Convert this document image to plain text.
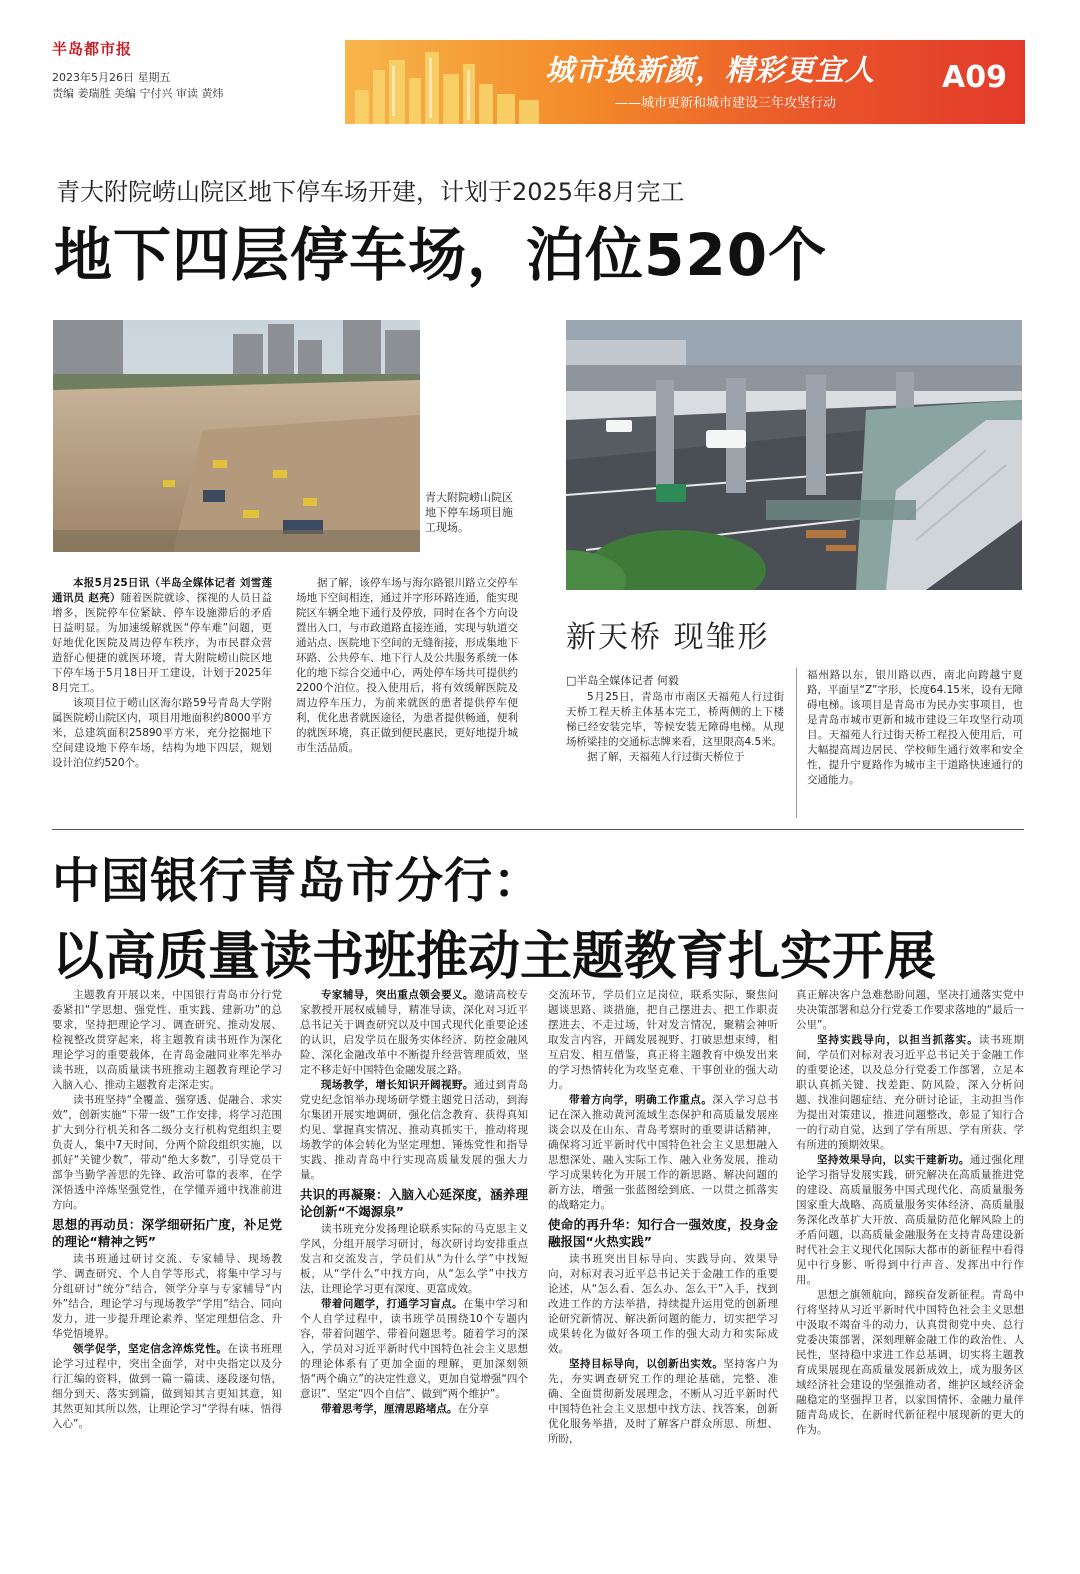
半岛都市报
2023年5月26日 星期五
责编 姜瑞胜 美编 宁付兴 审读 黄炜
城市换新颜，精彩更宜人
——城市更新和城市建设三年攻坚行动
A09
青大附院崂山院区地下停车场开建，计划于2025年8月完工
地下四层停车场，泊位520个
青大附院崂山院区地下停车场项目施工现场。

本报5月25日讯（半岛全媒体记者 刘雪莲 通讯员 赵亮）随着医院就诊、探视的人员日益增多，医院停车位紧缺、停车设施滞后的矛盾日益明显。为加速缓解就医“停车难”问题，更好地优化医院及周边停车秩序，为市民群众营造舒心便捷的就医环境，青大附院崂山院区地下停车场于5月18日开工建设，计划于2025年8月完工。

该项目位于崂山区海尔路59号青岛大学附属医院崂山院区内，项目用地面积约8000平方米，总建筑面积25890平方米，充分挖掘地下空间建设地下停车场，结构为地下四层，规划设计泊位约520个。

据了解，该停车场与海尔路银川路立交停车场地下空间相连，通过并字形环路连通，能实现院区车辆全地下通行及停放，同时在各个方向设置出入口，与市政道路直接连通，实现与轨道交通站点、医院地下空间的无缝衔接，形成集地下环路、公共停车、地下行人及公共服务系统一体化的地下综合交通中心，两处停车场共可提供约2200个泊位。投入使用后，将有效缓解医院及周边停车压力，为前来就医的患者提供停车便利，优化患者就医途径，为患者提供畅通，便利的就医环境，真正做到便民惠民，更好地提升城市生活品质。

新天桥 现雏形
□半岛全媒体记者 何毅

5月25日，青岛市市南区天福苑人行过街天桥工程天桥主体基本完工，桥两侧的上下楼梯已经安装完毕，等候安装无障碍电梯。从现场桥梁挂的交通标志牌来看，这里限高4.5米。

据了解，天福苑人行过街天桥位于

福州路以东，银川路以西，南北向跨越宁夏路，平面呈“Z”字形，长度64.15米，设有无障碍电梯。该项目是青岛市为民办实事项目，也是青岛市城市更新和城市建设三年攻坚行动项目。天福苑人行过街天桥工程投入使用后，可大幅提高周边居民、学校师生通行效率和安全性，提升宁夏路作为城市主干道路快速通行的交通能力。

中国银行青岛市分行：
以高质量读书班推动主题教育扎实开展

主题教育开展以来，中国银行青岛市分行党委紧扣“学思想、强党性、重实践、建新功”的总要求，坚持把理论学习、调查研究、推动发展、检视整改贯穿起来，将主题教育读书班作为深化理论学习的重要载体，在青岛金融同业率先举办读书班，以高质量读书班推动主题教育理论学习入脑入心、推动主题教育走深走实。

读书班坚持“全覆盖、强穿透、促融合、求实效”，创新实施“下带一级”工作安排，将学习范围扩大到分行机关和各二级分支行机构党组织主要负责人，集中7天时间，分两个阶段组织实施，以抓好“关键少数”，带动“绝大多数”，引导党员干部争当勤学善思的先锋、政治可靠的表率，在学深悟透中淬炼坚强党性，在学懂弄通中找准前进方向。

思想的再动员：深学细研拓广度，补足党的理论“精神之钙”

读书班通过研讨交流、专家辅导、现场教学、调查研究、个人自学等形式，将集中学习与分组研讨“统分”结合，领学分享与专家辅导“内外”结合，理论学习与现场教学“学用”结合、同向发力，进一步提升理论素养、坚定理想信念、升华党悟境界。

领学促学，坚定信念淬炼党性。在读书班理论学习过程中，突出全面学，对中央指定以及分行汇编的资料，做到一篇一篇读、逐段逐句悟，细分到天、落实到篇，做到知其言更知其意，知其然更知其所以然，让理论学习“学得有味、悟得入心”。

专家辅导，突出重点领会要义。邀请高校专家教授开展权威辅导，精准导读，深化对习近平总书记关于调查研究以及中国式现代化重要论述的认识，启发学员在服务实体经济、防控金融风险、深化金融改革中不断提升经营管理质效，坚定不移走好中国特色金融发展之路。

现场教学，增长知识开阔视野。通过到青岛党史纪念馆举办现场研学暨主题党日活动，到海尔集团开展实地调研，强化信念教育、获得真知灼见、掌握真实情况、推动真抓实干，推动将现场教学的体会转化为坚定理想、锤炼党性和指导实践、推动青岛中行实现高质量发展的强大力量。

共识的再凝聚：入脑入心延深度，涵养理论创新“不竭源泉”

读书班充分发扬理论联系实际的马克思主义学风，分组开展学习研讨，每次研讨均安排重点发言和交流发言，学员们从“为什么学”中找短板，从“学什么”中找方向，从“怎么学”中找方法，让理论学习更有深度、更富成效。

带着问题学，打通学习盲点。在集中学习和个人自学过程中，读书班学员围绕10个专题内容，带着问题学、带着问题思考。随着学习的深入，学员对习近平新时代中国特色社会主义思想的理论体系有了更加全面的理解，更加深刻领悟“两个确立”的决定性意义，更加自觉增强“四个意识”、坚定“四个自信”、做到“两个维护”。

带着思考学，厘清思路堵点。在分享

交流环节，学员们立足岗位，联系实际，聚焦问题谈思路、谈措施，把自己摆进去、把工作职责摆进去、不走过场，针对发言情况，聚精会神听取发言内容，开阔发展视野、打破思想束缚，相互启发、相互借鉴，真正将主题教育中焕发出来的学习热情转化为攻坚克难、干事创业的强大动力。

带着方向学，明确工作重点。深入学习总书记在深入推动黄河流域生态保护和高质量发展座谈会以及在山东、青岛考察时的重要讲话精神，确保将习近平新时代中国特色社会主义思想融入思想深处、融入实际工作、融入业务发展，推动学习成果转化为开展工作的新思路、解决问题的新方法，增强一张蓝图绘到底、一以贯之抓落实的战略定力。

使命的再升华：知行合一强效度，投身金融报国“火热实践”

读书班突出目标导向、实践导向、效果导向，对标对表习近平总书记关于金融工作的重要论述，从“怎么看、怎么办、怎么干”入手，找到改进工作的方法举措，持续提升运用党的创新理论研究新情况、解决新问题的能力，切实把学习成果转化为做好各项工作的强大动力和实际成效。

坚持目标导向，以创新出实效。坚持客户为先，夯实调查研究工作的理论基础，完整、准确、全面贯彻新发展理念，不断从习近平新时代中国特色社会主义思想中找方法、找答案，创新优化服务举措，及时了解客户群众所思、所想、所盼，

真正解决客户急难愁盼问题，坚决打通落实党中央决策部署和总分行党委工作要求落地的“最后一公里”。

坚持实践导向，以担当抓落实。读书班期间，学员们对标对表习近平总书记关于金融工作的重要论述，以及总分行党委工作部署，立足本职认真抓关键、找差距、防风险，深入分析问题、找准问题症结、充分研讨论证，主动担当作为提出对策建议，推进问题整改，彰显了知行合一的行动自觉，达到了学有所思、学有所获、学有所进的预期效果。

坚持效果导向，以实干建新功。通过强化理论学习指导发展实践，研究解决在高质量推进党的建设、高质量服务中国式现代化、高质量服务国家重大战略、高质量服务实体经济、高质量服务深化改革扩大开放、高质量防范化解风险上的矛盾问题，以高质量金融服务在支持青岛建设新时代社会主义现代化国际大都市的新征程中看得见中行身影、听得到中行声音、发挥出中行作用。

思想之旗领航向，蹄疾奋发新征程。青岛中行将坚持从习近平新时代中国特色社会主义思想中汲取不竭奋斗的动力，认真贯彻党中央、总行党委决策部署，深刻理解金融工作的政治性、人民性，坚持稳中求进工作总基调，切实将主题教育成果展现在高质量发展新成效上，成为服务区域经济社会建设的坚强推动者，维护区域经济金融稳定的坚强捍卫者，以家国情怀、金融力量伴随青岛成长，在新时代新征程中展现新的更大的作为。
